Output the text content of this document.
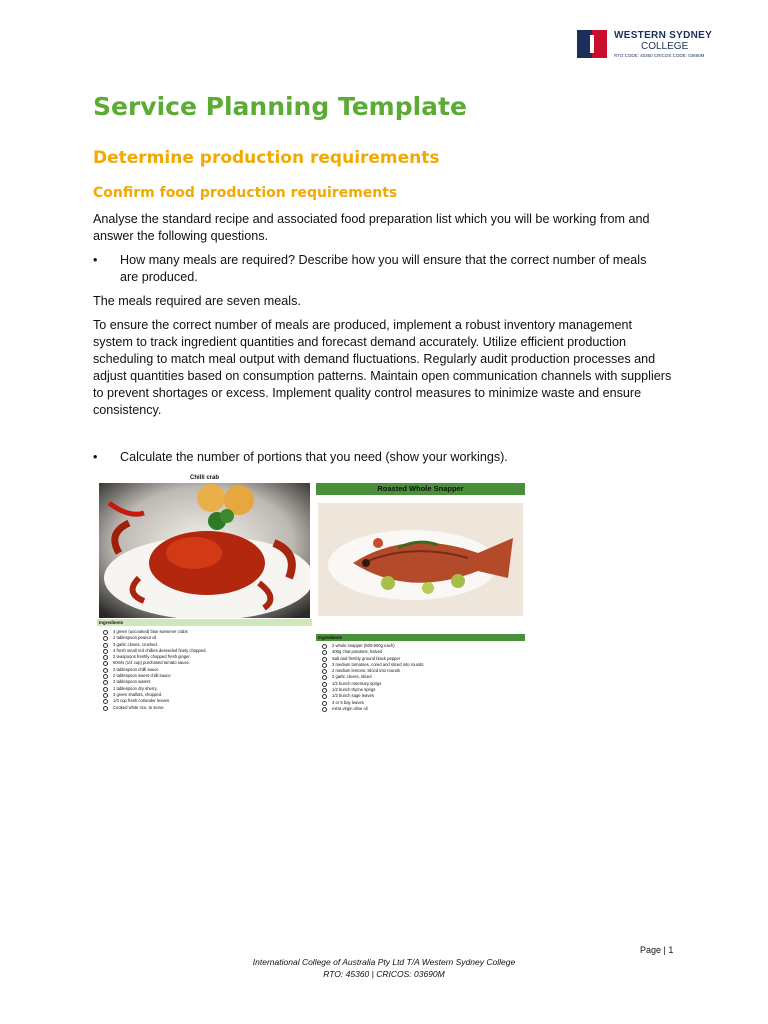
WESTERN SYDNEY
COLLEGE
RTO CODE: 45360 CRICOS CODE: 03690M
Service Planning Template
Determine production requirements
Confirm food production requirements

Analyse the standard recipe and associated food preparation list which you will be working from and answer the following questions.

• How many meals are required? Describe how you will ensure that the correct number of meals are produced.

The meals required are seven meals.

To ensure the correct number of meals are produced, implement a robust inventory management system to track ingredient quantities and forecast demand accurately. Utilize efficient production scheduling to match meal output with demand fluctuations. Regularly audit production processes and adjust quantities based on consumption patterns. Maintain open communication channels with suppliers to prevent shortages or excess. Implement quality control measures to minimize waste and ensure consistency.

• Calculate the number of portions that you need (show your workings).
Chilli crab
Ingredients
4 green (uncooked) blue swimmer crabs
2 tablespoon peanut oil
3 garlic cloves, crushed.
4 fresh small red chillies deseeded finely chopped.
2 teaspoons freshly chopped fresh ginger.
60mls (1/4 cup) purchased tomato sauce.
2 tablespoon chilli sauce
2 tablespoon sweet chilli sauce
2 tablespoon waters
1 tablespoon dry sherry.
3 green shallots, chopped.
1/3 cup fresh coriander leaves
Cooked white rice, to serve.
Roasted Whole Snapper
Ingredients
2 whole snapper (500-600g each)
400g chat potatoes, halved
Salt and freshly ground black pepper
3 medium tomatoes, cored and sliced into rounds
2 medium lemons, sliced into rounds
2 garlic cloves, sliced
1/2 bunch rosemary sprigs
1/2 bunch thyme sprigs
1/2 bunch sage leaves
4 or 5 bay leaves
extra virgin olive oil
Page | 1
International College of Australia Pty Ltd T/A Western Sydney College
RTO: 45360 | CRICOS: 03690M
